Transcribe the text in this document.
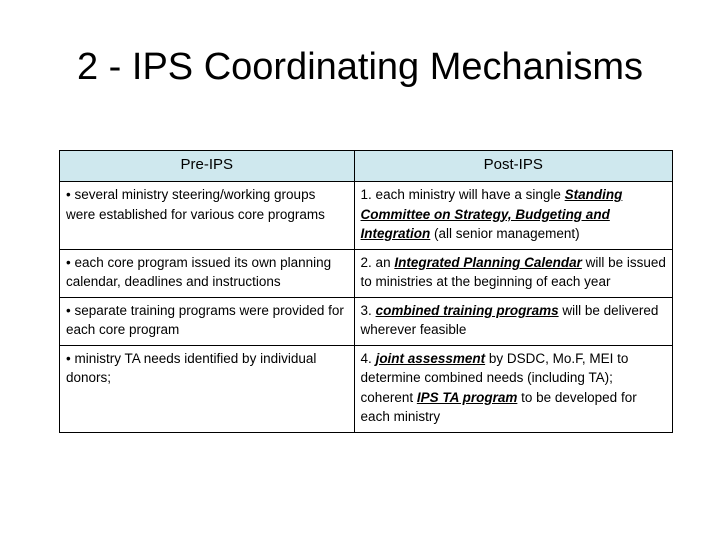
2 - IPS Coordinating Mechanisms
Pre-IPS	Post-IPS
• several ministry steering/working groups were established for various core programs	1. each ministry will have a single Standing Committee on Strategy, Budgeting and Integration (all senior management)
• each core program issued its own planning calendar, deadlines and instructions	2. an Integrated Planning Calendar will be issued to ministries at the beginning of each year
• separate training programs were provided for each core program	3. combined training programs will be delivered wherever feasible
• ministry TA needs identified by individual donors;	4. joint assessment by DSDC, Mo.F, MEI to determine combined needs (including TA); coherent IPS TA program to be developed for each ministry
